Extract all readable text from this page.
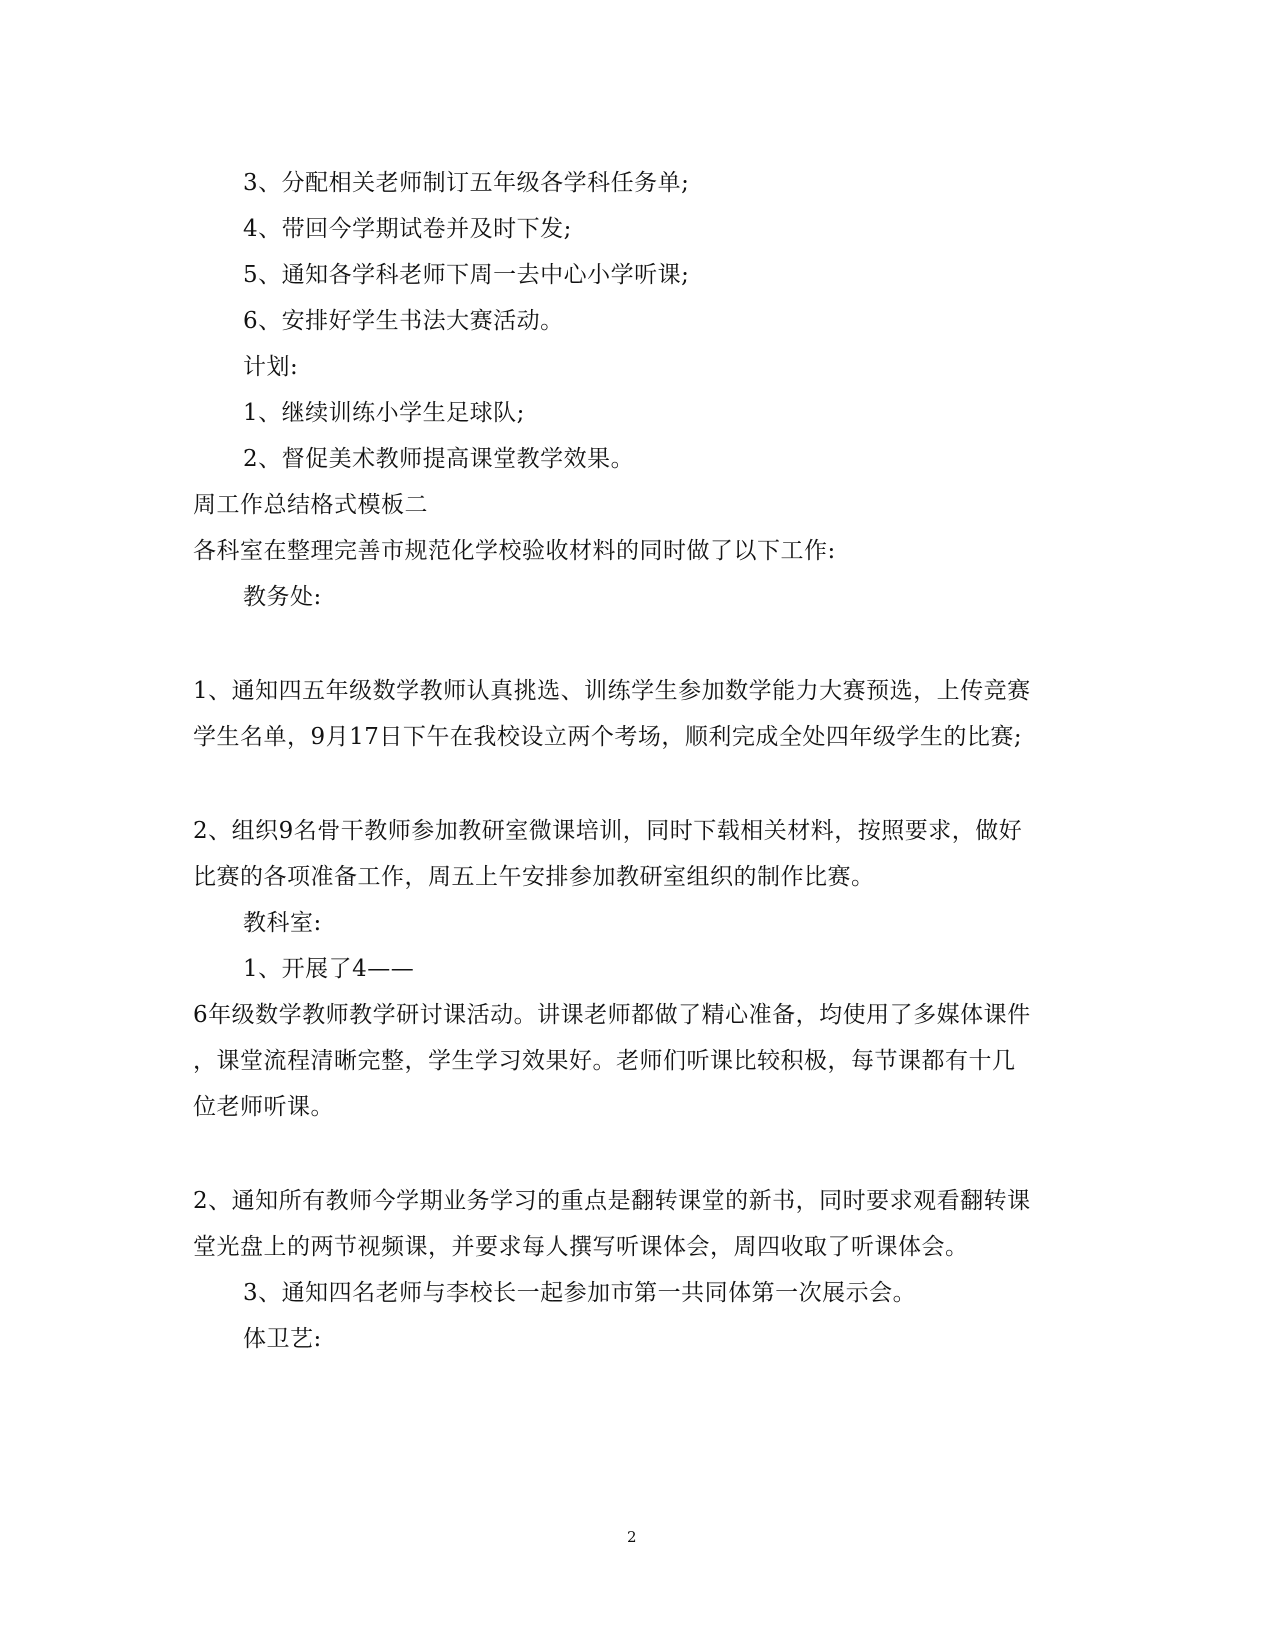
3、分配相关老师制订五年级各学科任务单;
4、带回今学期试卷并及时下发;
5、通知各学科老师下周一去中心小学听课;
6、安排好学生书法大赛活动。
计划:
1、继续训练小学生足球队;
2、督促美术教师提高课堂教学效果。
周工作总结格式模板二
各科室在整理完善市规范化学校验收材料的同时做了以下工作:
教务处:
1、通知四五年级数学教师认真挑选、训练学生参加数学能力大赛预选，上传竞赛
学生名单，9月17日下午在我校设立两个考场，顺利完成全处四年级学生的比赛;
2、组织9名骨干教师参加教研室微课培训，同时下载相关材料，按照要求，做好
比赛的各项准备工作，周五上午安排参加教研室组织的制作比赛。
教科室:
1、开展了4——
6年级数学教师教学研讨课活动。讲课老师都做了精心准备，均使用了多媒体课件
，课堂流程清晰完整，学生学习效果好。老师们听课比较积极，每节课都有十几
位老师听课。
2、通知所有教师今学期业务学习的重点是翻转课堂的新书，同时要求观看翻转课
堂光盘上的两节视频课，并要求每人撰写听课体会，周四收取了听课体会。
3、通知四名老师与李校长一起参加市第一共同体第一次展示会。
体卫艺:
2
